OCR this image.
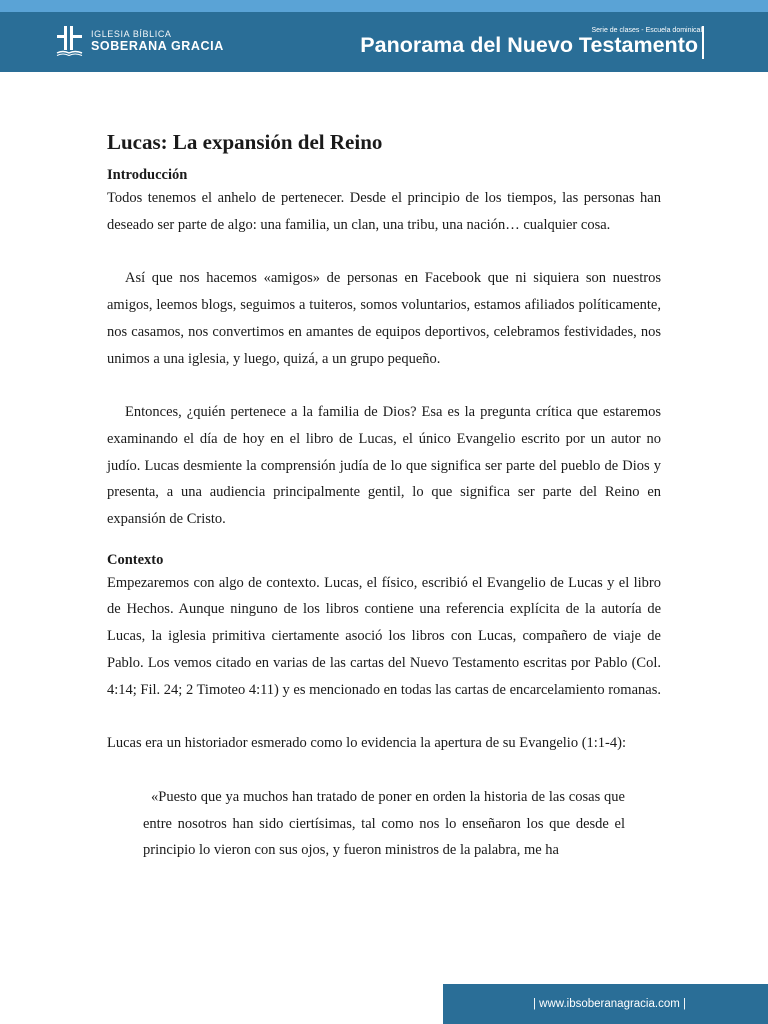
IGLESIA BÍBLICA
SOBERANA GRACIA
Serie de clases - Escuela dominical
Panorama del Nuevo Testamento
Lucas: La expansión del Reino
Introducción

Todos tenemos el anhelo de pertenecer. Desde el principio de los tiempos, las personas han deseado ser parte de algo: una familia, un clan, una tribu, una nación… cualquier cosa.

Así que nos hacemos «amigos» de personas en Facebook que ni siquiera son nuestros amigos, leemos blogs, seguimos a tuiteros, somos voluntarios, estamos afiliados políticamente, nos casamos, nos convertimos en amantes de equipos deportivos, celebramos festividades, nos unimos a una iglesia, y luego, quizá, a un grupo pequeño.

Entonces, ¿quién pertenece a la familia de Dios? Esa es la pregunta crítica que estaremos examinando el día de hoy en el libro de Lucas, el único Evangelio escrito por un autor no judío. Lucas desmiente la comprensión judía de lo que significa ser parte del pueblo de Dios y presenta, a una audiencia principalmente gentil, lo que significa ser parte del Reino en expansión de Cristo.

Contexto

Empezaremos con algo de contexto. Lucas, el físico, escribió el Evangelio de Lucas y el libro de Hechos. Aunque ninguno de los libros contiene una referencia explícita de la autoría de Lucas, la iglesia primitiva ciertamente asoció los libros con Lucas, compañero de viaje de Pablo. Los vemos citado en varias de las cartas del Nuevo Testamento escritas por Pablo (Col. 4:14; Fil. 24; 2 Timoteo 4:11) y es mencionado en todas las cartas de encarcelamiento romanas.

Lucas era un historiador esmerado como lo evidencia la apertura de su Evangelio (1:1-4):

«Puesto que ya muchos han tratado de poner en orden la historia de las cosas que entre nosotros han sido ciertísimas, tal como nos lo enseñaron los que desde el principio lo vieron con sus ojos, y fueron ministros de la palabra, me ha

| www.ibsoberanagracia.com |
